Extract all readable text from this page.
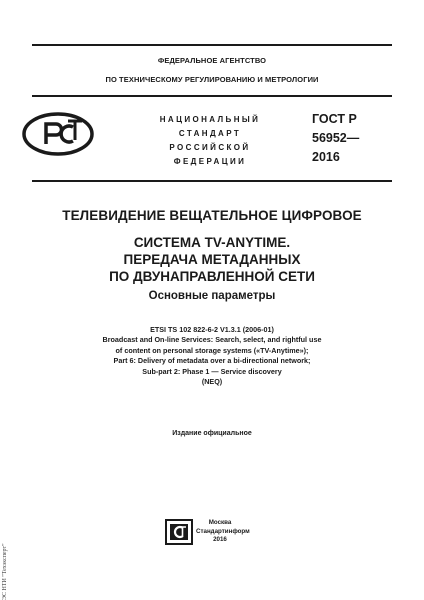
ФЕДЕРАЛЬНОЕ АГЕНТСТВО
ПО ТЕХНИЧЕСКОМУ РЕГУЛИРОВАНИЮ И МЕТРОЛОГИИ
НАЦИОНАЛЬНЫЙ
СТАНДАРТ
РОССИЙСКОЙ
ФЕДЕРАЦИИ
ГОСТ Р
56952—
2016
ТЕЛЕВИДЕНИЕ ВЕЩАТЕЛЬНОЕ ЦИФРОВОЕ
СИСТЕМА TV-ANYTIME.
ПЕРЕДАЧА МЕТАДАННЫХ
ПО ДВУНАПРАВЛЕННОЙ СЕТИ
Основные параметры
ETSI TS 102 822-6-2 V1.3.1 (2006-01)
Broadcast and On-line Services: Search, select, and rightful use
of content on personal storage systems («TV-Anytime»);
Part 6: Delivery of metadata over a bi-directional network;
Sub-part 2: Phase 1 — Service discovery
(NEQ)
Издание официальное
Москва
Стандартинформ
2016
ЭС НТИ "Техэксперт"
